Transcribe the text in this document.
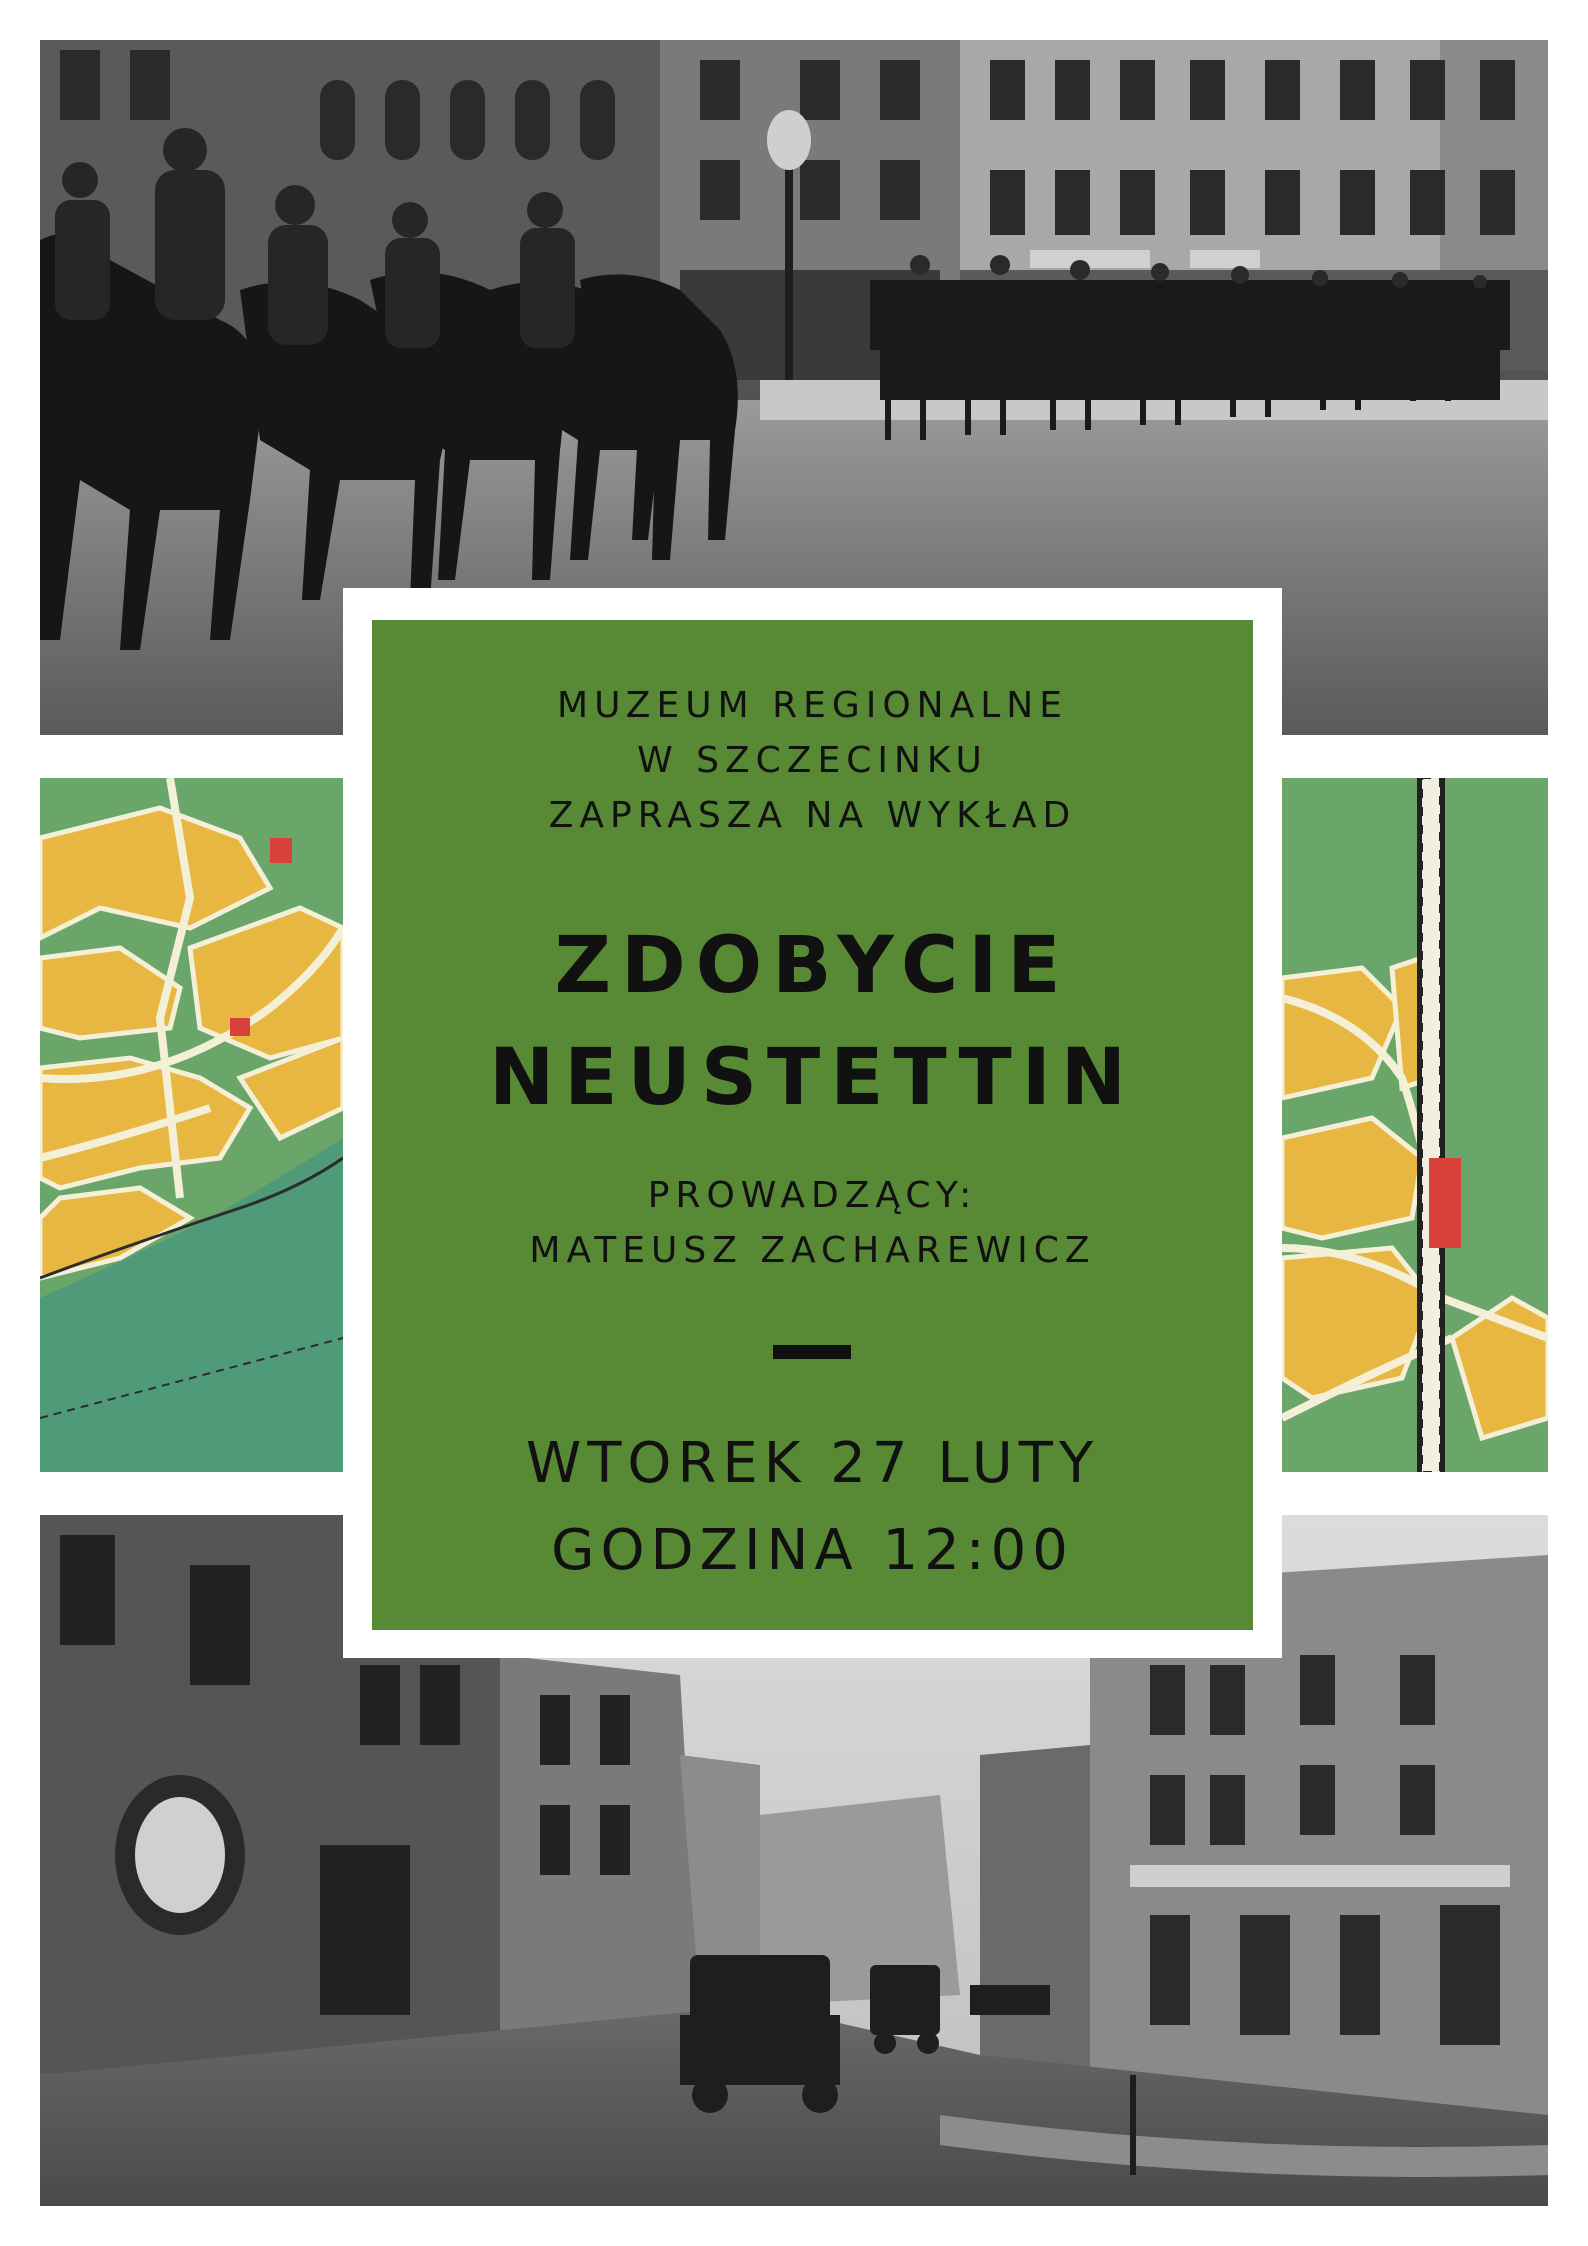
MUZEUM REGIONALNE
W SZCZECINKU
ZAPRASZA NA WYKŁAD
ZDOBYCIE
NEUSTETTIN
PROWADZĄCY:
MATEUSZ ZACHAREWICZ
WTOREK 27 LUTY
GODZINA 12:00
